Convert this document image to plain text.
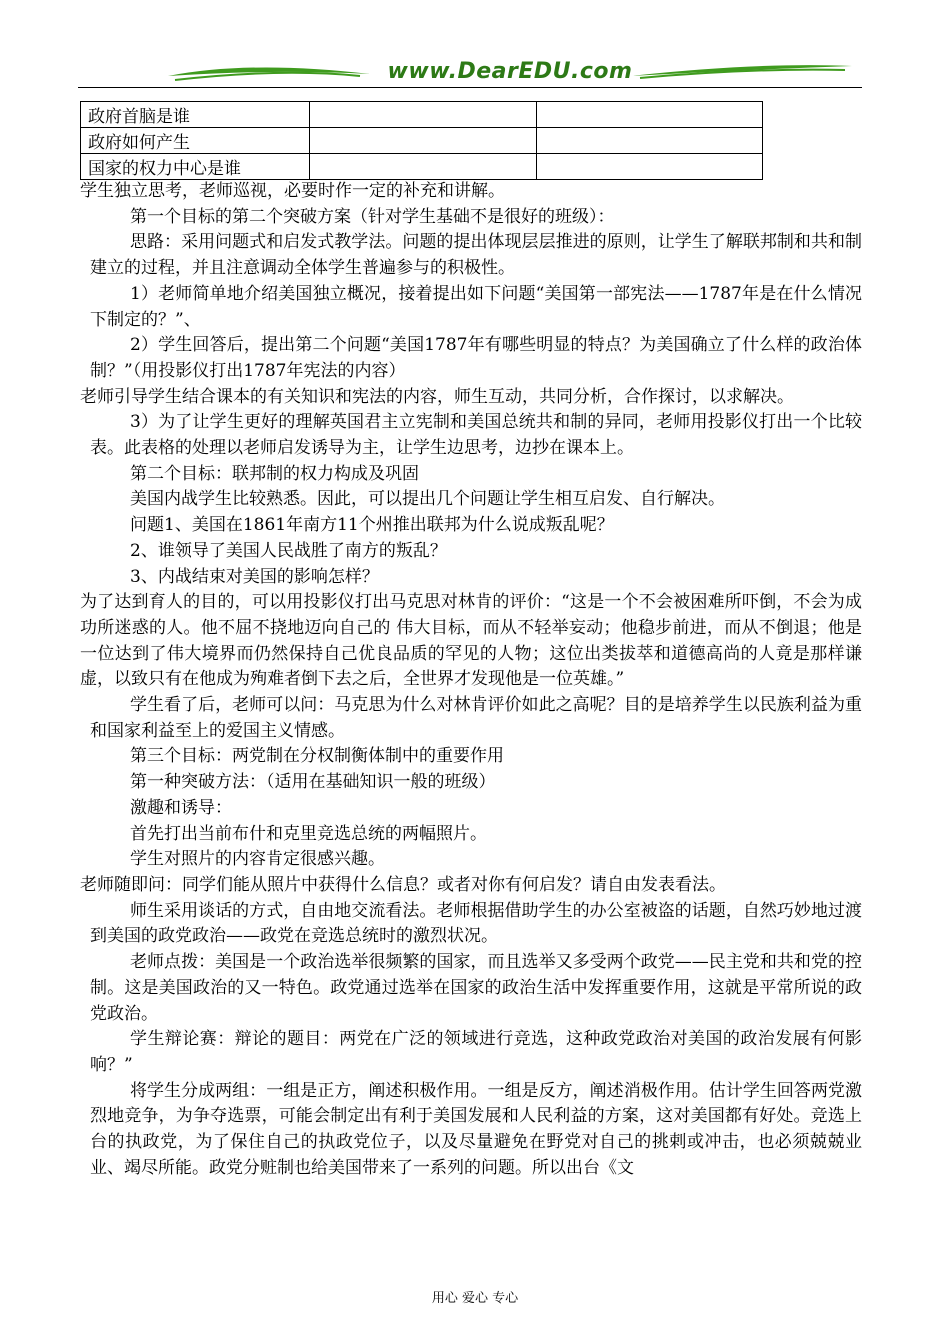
www.DearEDU.com
政府首脑是谁		
政府如何产生		
国家的权力中心是谁		

学生独立思考，老师巡视，必要时作一定的补充和讲解。

第一个目标的第二个突破方案（针对学生基础不是很好的班级）：

思路：采用问题式和启发式教学法。问题的提出体现层层推进的原则，让学生了解联邦制和共和制建立的过程，并且注意调动全体学生普遍参与的积极性。

1）老师简单地介绍美国独立概况，接着提出如下问题“美国第一部宪法——1787年是在什么情况下制定的？”、

2）学生回答后，提出第二个问题“美国1787年有哪些明显的特点？为美国确立了什么样的政治体制？”（用投影仪打出1787年宪法的内容）

老师引导学生结合课本的有关知识和宪法的内容，师生互动，共同分析，合作探讨，以求解决。

3）为了让学生更好的理解英国君主立宪制和美国总统共和制的异同，老师用投影仪打出一个比较表。此表格的处理以老师启发诱导为主，让学生边思考，边抄在课本上。

第二个目标：联邦制的权力构成及巩固

美国内战学生比较熟悉。因此，可以提出几个问题让学生相互启发、自行解决。

问题1、美国在1861年南方11个州推出联邦为什么说成叛乱呢？

2、谁领导了美国人民战胜了南方的叛乱？

3、内战结束对美国的影响怎样？

为了达到育人的目的，可以用投影仪打出马克思对林肯的评价：“这是一个不会被困难所吓倒，不会为成功所迷惑的人。他不屈不挠地迈向自己的 伟大目标，而从不轻举妄动；他稳步前进，而从不倒退；他是一位达到了伟大境界而仍然保持自己优良品质的罕见的人物；这位出类拔萃和道德高尚的人竟是那样谦虚，以致只有在他成为殉难者倒下去之后，全世界才发现他是一位英雄。”

学生看了后，老师可以问：马克思为什么对林肯评价如此之高呢？目的是培养学生以民族利益为重和国家利益至上的爱国主义情感。

第三个目标：两党制在分权制衡体制中的重要作用

第一种突破方法：（适用在基础知识一般的班级）

激趣和诱导：

首先打出当前布什和克里竞选总统的两幅照片。

学生对照片的内容肯定很感兴趣。

老师随即问：同学们能从照片中获得什么信息？或者对你有何启发？请自由发表看法。

师生采用谈话的方式，自由地交流看法。老师根据借助学生的办公室被盗的话题，自然巧妙地过渡到美国的政党政治——政党在竞选总统时的激烈状况。

老师点拨：美国是一个政治选举很频繁的国家，而且选举又多受两个政党——民主党和共和党的控制。这是美国政治的又一特色。政党通过选举在国家的政治生活中发挥重要作用，这就是平常所说的政党政治。

学生辩论赛：辩论的题目：两党在广泛的领域进行竞选，这种政党政治对美国的政治发展有何影响？”

将学生分成两组：一组是正方，阐述积极作用。一组是反方，阐述消极作用。估计学生回答两党激烈地竞争，为争夺选票，可能会制定出有利于美国发展和人民利益的方案，这对美国都有好处。竞选上台的执政党，为了保住自己的执政党位子，以及尽量避免在野党对自己的挑剌或冲击，也必须兢兢业业、竭尽所能。政党分赃制也给美国带来了一系列的问题。所以出台《文

用心 爱心 专心
